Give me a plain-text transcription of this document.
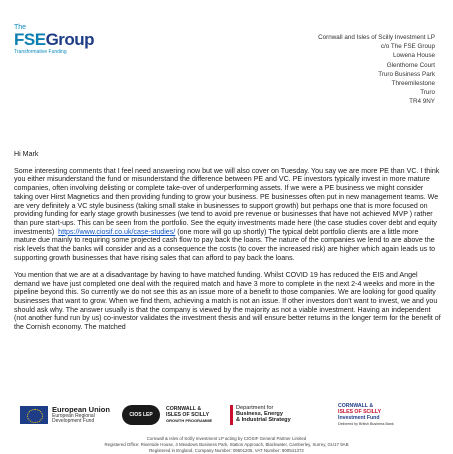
The
FSEGroup
Transformative Funding
Cornwall and Isles of Scilly Investment LP
c/o The FSE Group
Lowena House
Glenthorne Court
Truro Business Park
Threemilestone
Truro
TR4 9NY

Hi Mark

Some interesting comments that I feel need answering now but we will also cover on Tuesday. You say we are more PE than VC. I think you either misunderstand the fund or misunderstand the difference between PE and VC. PE investors typically invest in more mature companies, often involving delisting or complete take-over of underperforming assets. If we were a PE business we might consider taking over Hirst Magnetics and then providing funding to grow your business. PE businesses often put in new management teams. We are very definitely a VC style business (taking small stake in businesses to support growth) but perhaps one that is more focused on providing funding for early stage growth businesses (we tend to avoid pre revenue or businesses that have not achieved MVP ) rather than pure start-ups. This can be seen from the portfolio. See the equity investments made here (the case studies cover debt and equity investments) https://www.ciosif.co.uk/case-studies/ (one more will go up shortly) The typical debt portfolio clients are a little more mature due mainly to requiring some projected cash flow to pay back the loans. The nature of the companies we lend to are above the risk levels that the banks will consider and as a consequence the costs (to cover the increased risk) are higher which again leads us to supporting growth businesses that have rising sales that can afford to pay back the loans.

You mention that we are at a disadvantage by having to have matched funding. Whilst COVID 19 has reduced the EIS and Angel demand we have just completed one deal with the required match and have 3 more to complete in the next 2-4 weeks and more in the pipeline beyond this. So currently we do not see this as an issue more of a benefit to those companies. We are looking for good quality businesses that want to grow. When we find them, achieving a match is not an issue. If other investors don't want to invest, we and you should ask why. The answer usually is that the company is viewed by the majority as not a viable investment. Having an independent (not another fund run by us) co-investor validates the investment thesis and will ensure better returns in the longer term for the benefit of the Cornish economy. The matched

European Union
European Regional
Development Fund
CIOS LEP
CORNWALL &
ISLES OF SCILLY
GROWTH PROGRAMME
Department for
Business, Energy
& Industrial Strategy
CORNWALL &
ISLES OF SCILLY
Investment Fund
Delivered by British Business Bank
Cornwall & Isles of Scilly Investment LP acting by CIOSIF General Partner Limited
Registered Office: Riverside House, 4 Meadows Business Park, Station Approach, Blackwater, Camberley, Surrey, GU17 9AB
Registered in England, Company Number: 09501205, VAT Number: 900541372
